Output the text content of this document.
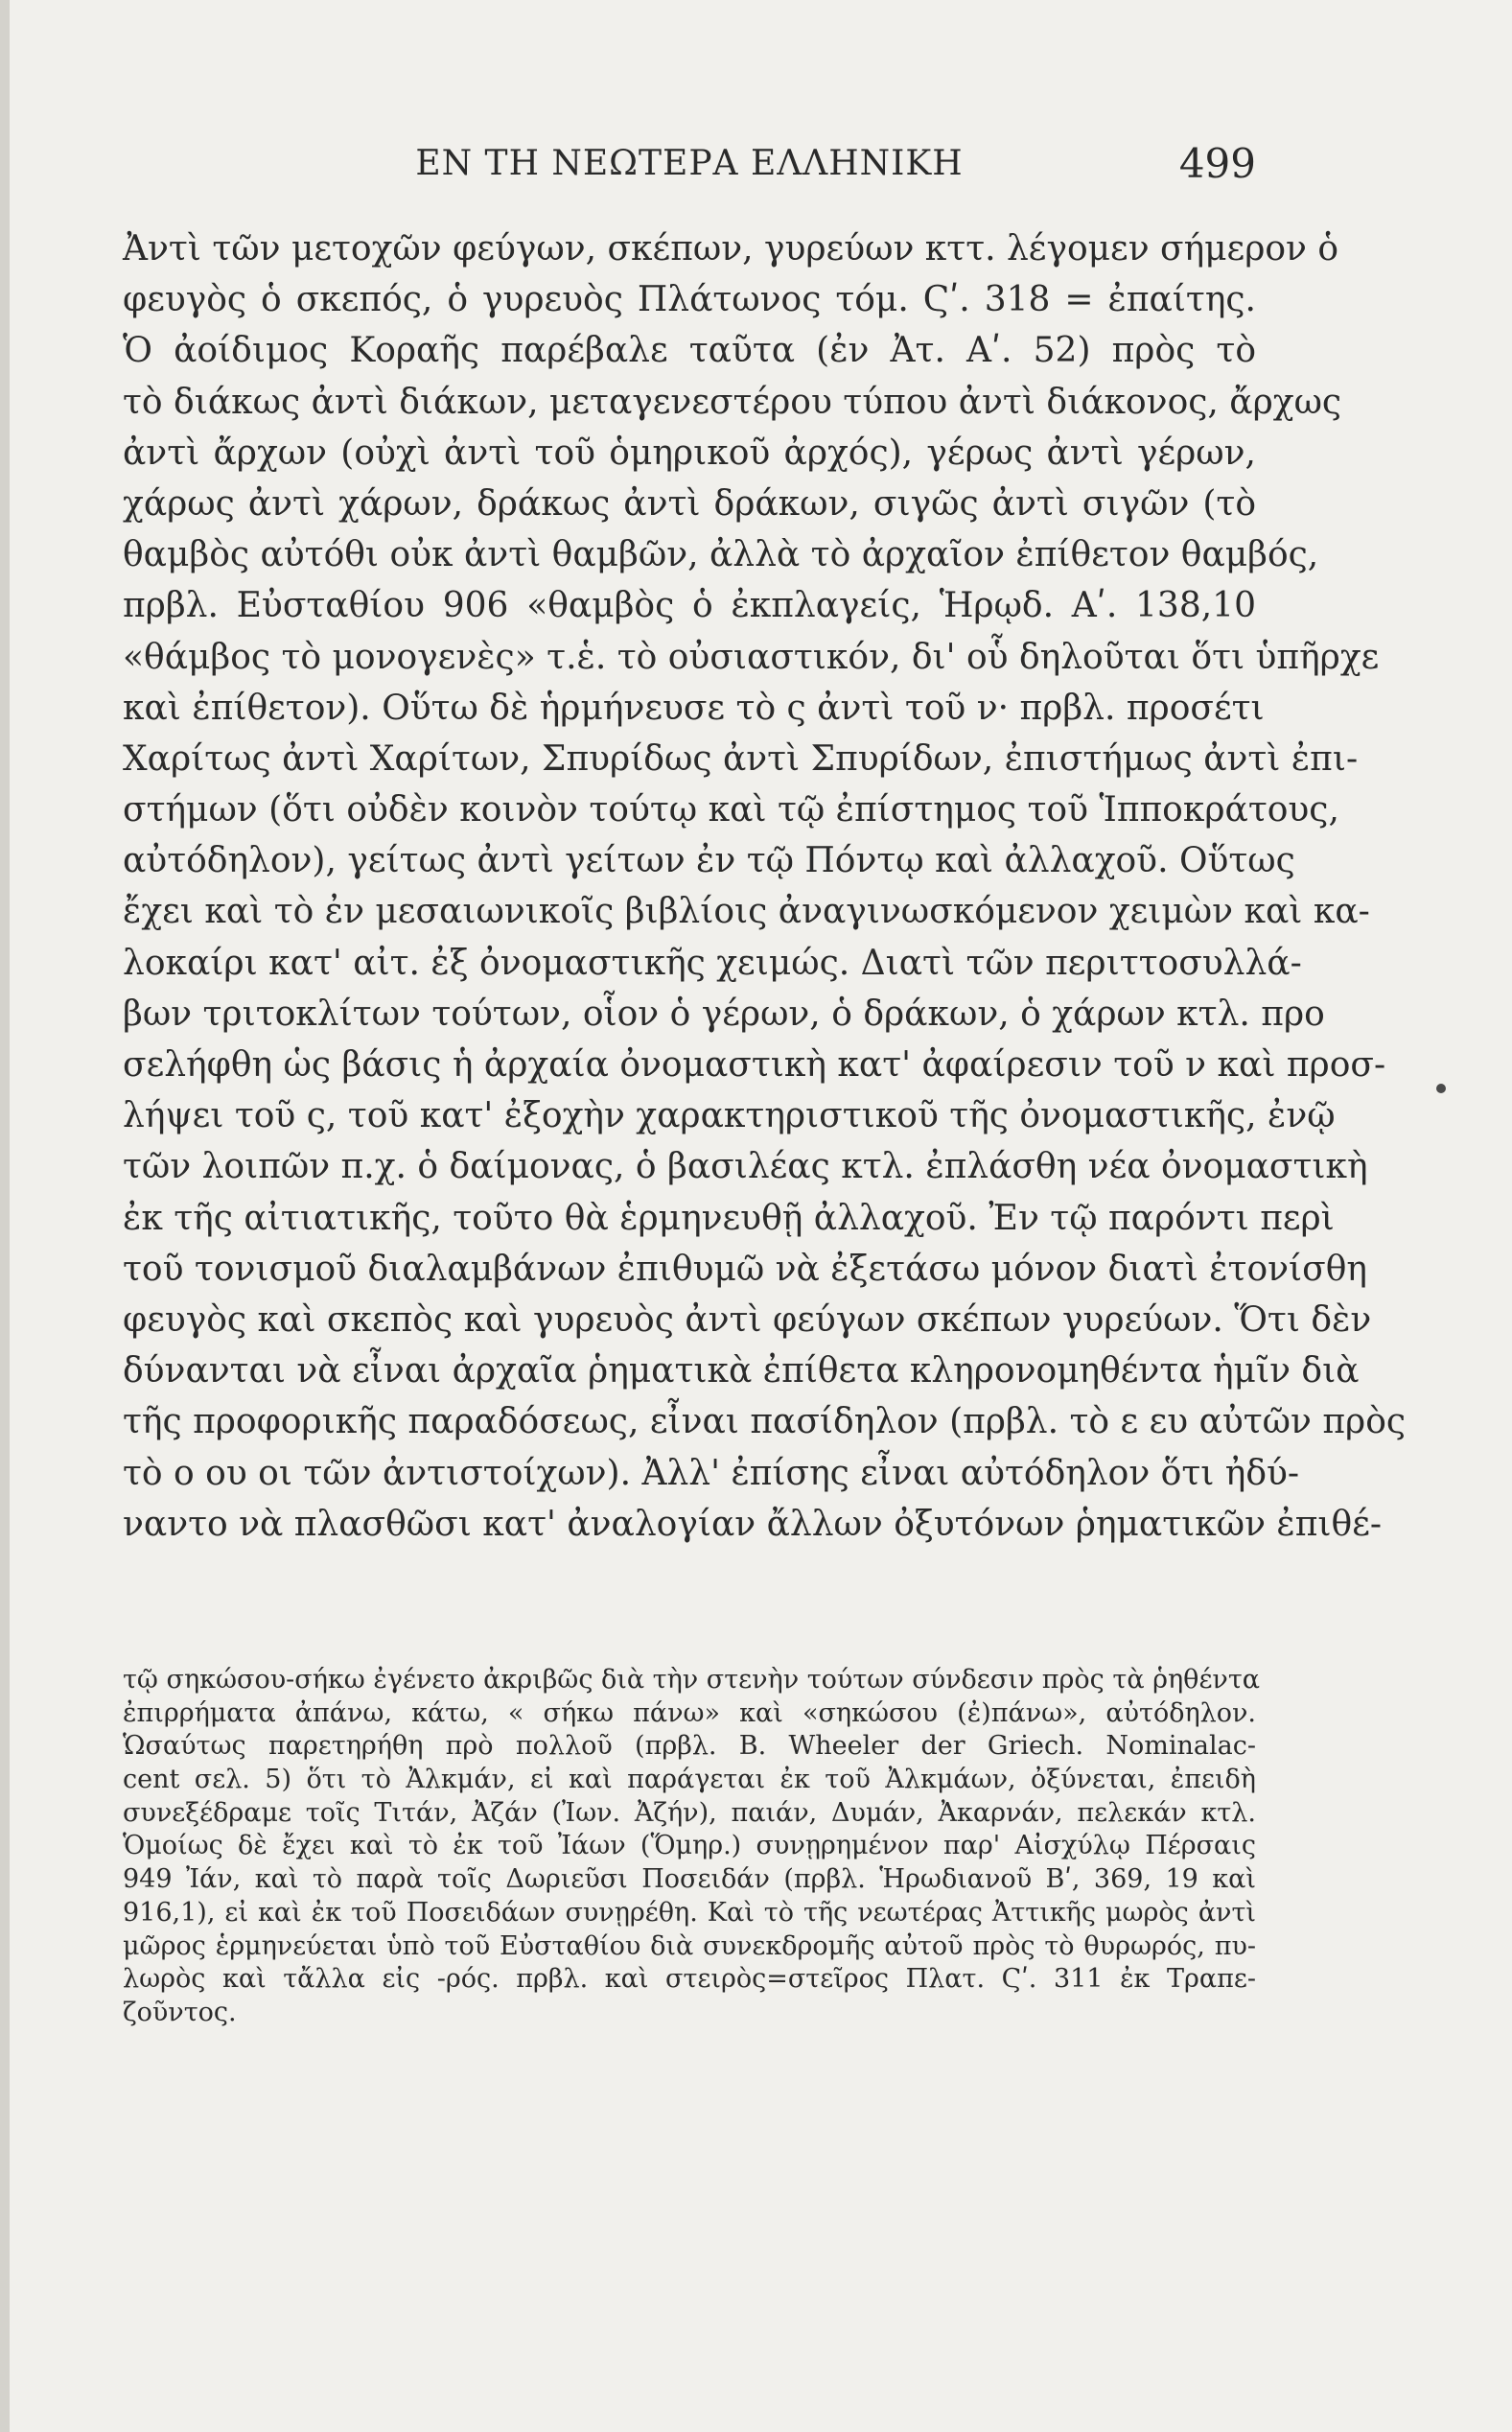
ΕΝ ΤΗ ΝΕΩΤΕΡΑ ΕΛΛΗΝΙΚΗ	499
Ἀντὶ τῶν μετοχῶν φεύγων, σκέπων, γυρεύων κττ. λέγομεν σήμερον ὁ
φευγὸς ὁ σκεπός, ὁ γυρευὸς Πλάτωνος τόμ. Ϛʹ. 318 = ἐπαίτης.
Ὁ ἀοίδιμος Κοραῆς παρέβαλε ταῦτα (ἐν Ἀτ. Αʹ. 52) πρὸς τὸ
τὸ διάκως ἀντὶ διάκων, μεταγενεστέρου τύπου ἀντὶ διάκονος, ἄρχως
ἀντὶ ἄρχων (οὐχὶ ἀντὶ τοῦ ὁμηρικοῦ ἀρχός), γέρως ἀντὶ γέρων,
χάρως ἀντὶ χάρων, δράκως ἀντὶ δράκων, σιγῶς ἀντὶ σιγῶν (τὸ
θαμβὸς αὐτόθι οὐκ ἀντὶ θαμβῶν, ἀλλὰ τὸ ἀρχαῖον ἐπίθετον θαμβός,
πρβλ. Εὐσταθίου 906 «θαμβὸς ὁ ἐκπλαγείς, Ἡρῳδ. Αʹ. 138,10
«θάμβος τὸ μονογενὲς» τ.ἑ. τὸ οὐσιαστικόν, δι' οὗ δηλοῦται ὅτι ὑπῆρχε
καὶ ἐπίθετον). Οὕτω δὲ ἡρμήνευσε τὸ ς ἀντὶ τοῦ ν· πρβλ. προσέτι
Χαρίτως ἀντὶ Χαρίτων, Σπυρίδως ἀντὶ Σπυρίδων, ἐπιστήμως ἀντὶ ἐπι-
στήμων (ὅτι οὐδὲν κοινὸν τούτῳ καὶ τῷ ἐπίστημος τοῦ Ἱπποκράτους,
αὐτόδηλον), γείτως ἀντὶ γείτων ἐν τῷ Πόντῳ καὶ ἀλλαχοῦ. Οὕτως
ἔχει καὶ τὸ ἐν μεσαιωνικοῖς βιβλίοις ἀναγινωσκόμενον χειμὼν καὶ κα-
λοκαίρι κατ' αἰτ. ἐξ ὀνομαστικῆς χειμώς. Διατὶ τῶν περιττοσυλλά-
βων τριτοκλίτων τούτων, οἷον ὁ γέρων, ὁ δράκων, ὁ χάρων κτλ. προ
σελήφθη ὡς βάσις ἡ ἀρχαία ὀνομαστικὴ κατ' ἀφαίρεσιν τοῦ ν καὶ προσ-
λήψει τοῦ ς, τοῦ κατ' ἐξοχὴν χαρακτηριστικοῦ τῆς ὀνομαστικῆς, ἐνῷ
τῶν λοιπῶν π.χ. ὁ δαίμονας, ὁ βασιλέας κτλ. ἐπλάσθη νέα ὀνομαστικὴ
ἐκ τῆς αἰτιατικῆς, τοῦτο θὰ ἑρμηνευθῇ ἀλλαχοῦ. Ἐν τῷ παρόντι περὶ
τοῦ τονισμοῦ διαλαμβάνων ἐπιθυμῶ νὰ ἐξετάσω μόνον διατὶ ἐτονίσθη
φευγὸς καὶ σκεπὸς καὶ γυρευὸς ἀντὶ φεύγων σκέπων γυρεύων. Ὅτι δὲν
δύνανται νὰ εἶναι ἀρχαῖα ῥηματικὰ ἐπίθετα κληρονομηθέντα ἡμῖν διὰ
τῆς προφορικῆς παραδόσεως, εἶναι πασίδηλον (πρβλ. τὸ ε ευ αὐτῶν πρὸς
τὸ ο ου οι τῶν ἀντιστοίχων). Ἀλλ' ἐπίσης εἶναι αὐτόδηλον ὅτι ἠδύ-
ναντο νὰ πλασθῶσι κατ' ἀναλογίαν ἄλλων ὀξυτόνων ῥηματικῶν ἐπιθέ-
τῷ σηκώσου-σήκω ἐγένετο ἀκριβῶς διὰ τὴν στενὴν τούτων σύνδεσιν πρὸς τὰ ῥηθέντα
ἐπιρρήματα ἀπάνω, κάτω, « σήκω πάνω» καὶ «σηκώσου (ἐ)πάνω», αὐτόδηλον.
Ὡσαύτως παρετηρήθη πρὸ πολλοῦ (πρβλ. B. Wheeler der Griech. Nominalac-
cent σελ. 5) ὅτι τὸ Ἀλκμάν, εἰ καὶ παράγεται ἐκ τοῦ Ἀλκμάων, ὀξύνεται, ἐπειδὴ
συνεξέδραμε τοῖς Τιτάν, Ἀζάν (Ἰων. Ἀζήν), παιάν, Δυμάν, Ἀκαρνάν, πελεκάν κτλ.
Ὁμοίως δὲ ἔχει καὶ τὸ ἐκ τοῦ Ἰάων (Ὅμηρ.) συνῃρημένον παρ' Αἰσχύλῳ Πέρσαις
949 Ἰάν, καὶ τὸ παρὰ τοῖς Δωριεῦσι Ποσειδάν (πρβλ. Ἡρωδιανοῦ Βʹ, 369, 19 καὶ
916,1), εἰ καὶ ἐκ τοῦ Ποσειδάων συνῃρέθη. Καὶ τὸ τῆς νεωτέρας Ἀττικῆς μωρὸς ἀντὶ
μῶρος ἑρμηνεύεται ὑπὸ τοῦ Εὐσταθίου διὰ συνεκδρομῆς αὐτοῦ πρὸς τὸ θυρωρός, πυ-
λωρὸς καὶ τἄλλα εἰς -ρός. πρβλ. καὶ στειρὸς=στεῖρος Πλατ. Ϛʹ. 311 ἐκ Τραπε-
ζοῦντος.
